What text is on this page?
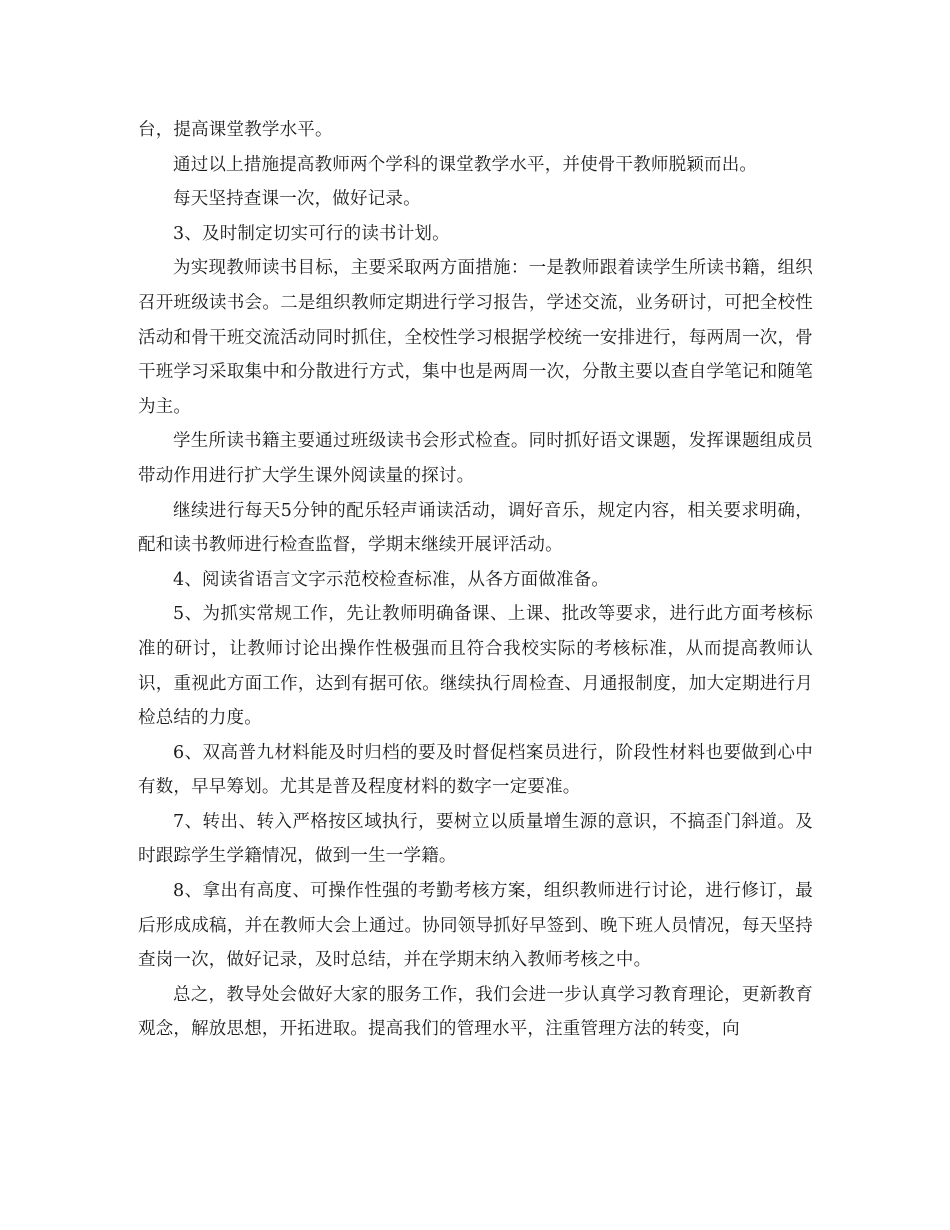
台，提高课堂教学水平。

通过以上措施提高教师两个学科的课堂教学水平，并使骨干教师脱颖而出。

每天坚持查课一次，做好记录。

3、及时制定切实可行的读书计划。

为实现教师读书目标，主要采取两方面措施：一是教师跟着读学生所读书籍，组织召开班级读书会。二是组织教师定期进行学习报告，学述交流，业务研讨，可把全校性活动和骨干班交流活动同时抓住，全校性学习根据学校统一安排进行，每两周一次，骨干班学习采取集中和分散进行方式，集中也是两周一次，分散主要以查自学笔记和随笔为主。

学生所读书籍主要通过班级读书会形式检查。同时抓好语文课题，发挥课题组成员带动作用进行扩大学生课外阅读量的探讨。

继续进行每天5分钟的配乐轻声诵读活动，调好音乐，规定内容，相关要求明确，配和读书教师进行检查监督，学期末继续开展评活动。

4、阅读省语言文字示范校检查标准，从各方面做准备。

5、为抓实常规工作，先让教师明确备课、上课、批改等要求，进行此方面考核标准的研讨，让教师讨论出操作性极强而且符合我校实际的考核标准，从而提高教师认识，重视此方面工作，达到有据可依。继续执行周检查、月通报制度，加大定期进行月检总结的力度。

6、双高普九材料能及时归档的要及时督促档案员进行，阶段性材料也要做到心中有数，早早筹划。尤其是普及程度材料的数字一定要准。

7、转出、转入严格按区域执行，要树立以质量增生源的意识，不搞歪门斜道。及时跟踪学生学籍情况，做到一生一学籍。

8、拿出有高度、可操作性强的考勤考核方案，组织教师进行讨论，进行修订，最后形成成稿，并在教师大会上通过。协同领导抓好早签到、晚下班人员情况，每天坚持查岗一次，做好记录，及时总结，并在学期末纳入教师考核之中。

总之，教导处会做好大家的服务工作，我们会进一步认真学习教育理论，更新教育观念，解放思想，开拓进取。提高我们的管理水平，注重管理方法的转变，向
